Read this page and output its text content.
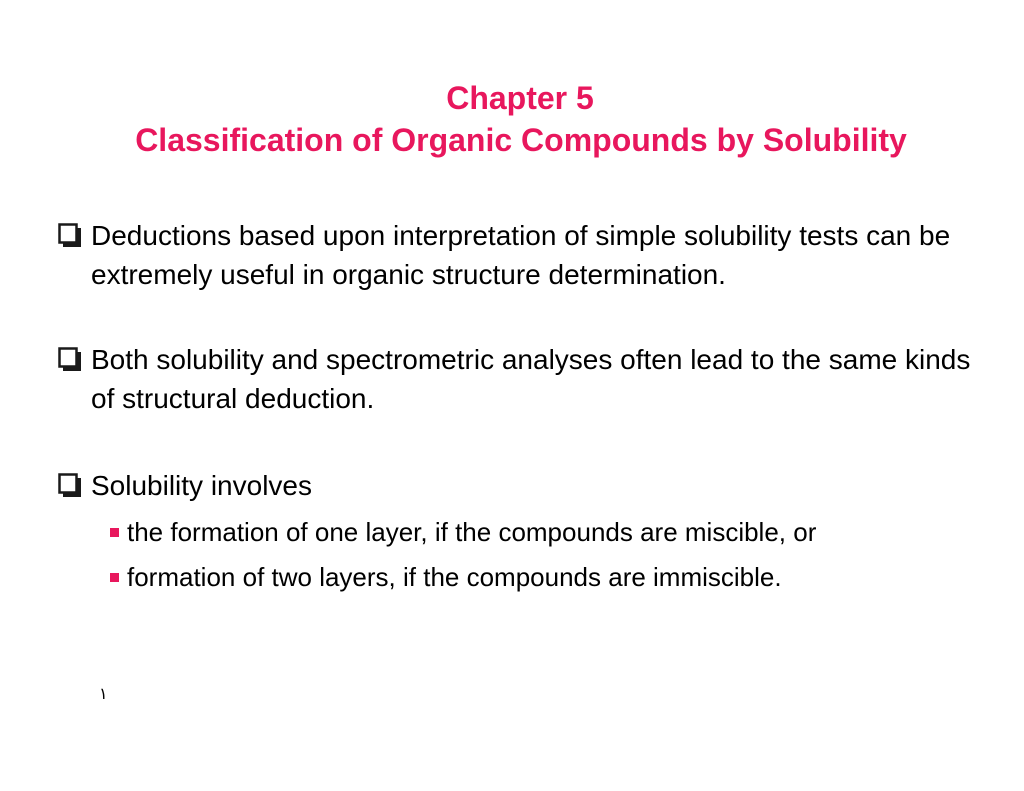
Chapter 5
Classification of Organic Compounds by Solubility
Deductions based upon interpretation of simple solubility tests can be extremely useful in organic structure determination.
Both solubility and spectrometric analyses often lead to the same kinds of structural deduction.
Solubility involves
the formation of one layer, if the compounds are miscible, or
formation of two layers, if the compounds are immiscible.
١
